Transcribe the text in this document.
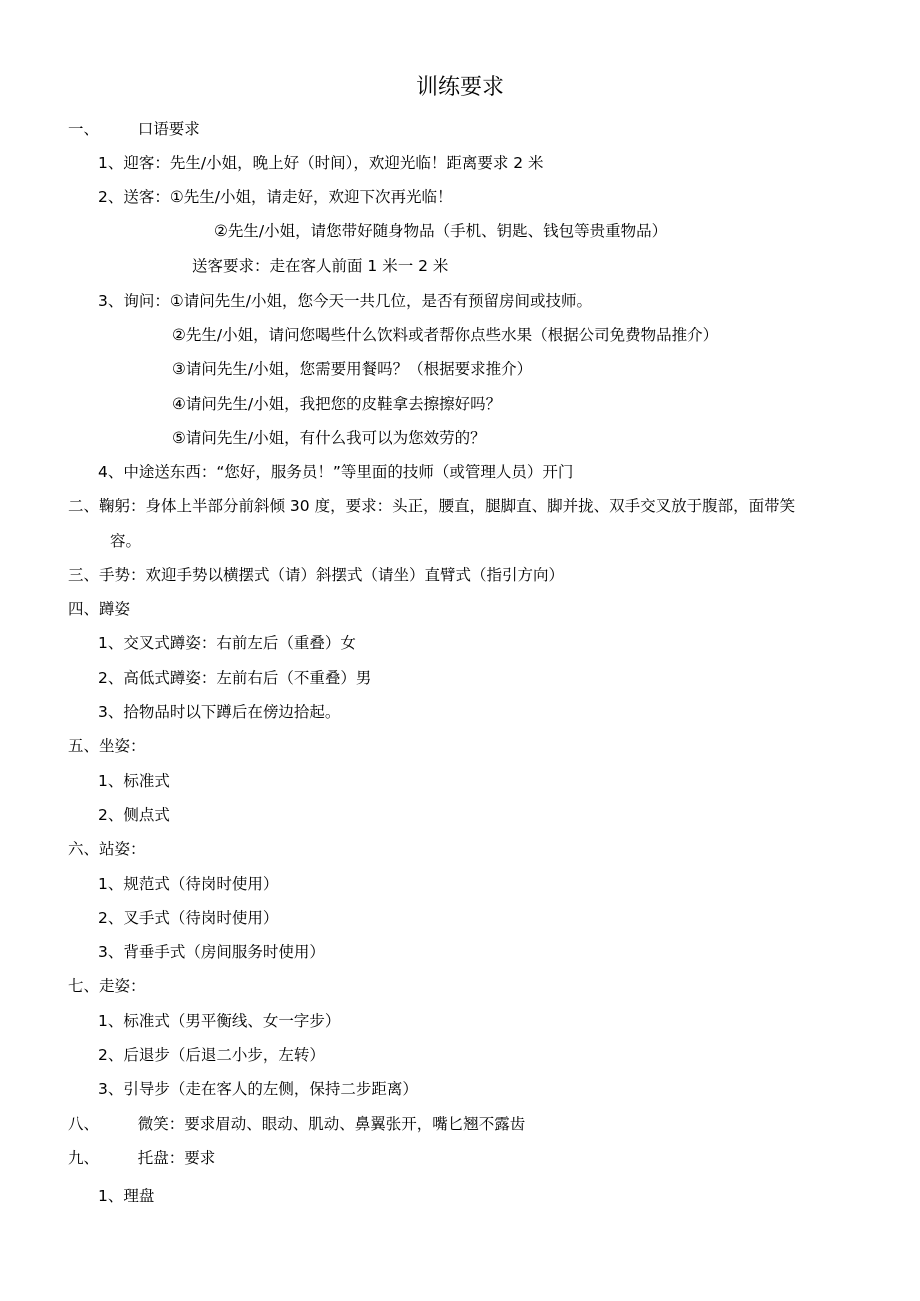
训练要求
一、　　　口语要求
1、迎客：先生/小姐，晚上好（时间），欢迎光临！距离要求 2 米
2、送客：①先生/小姐，请走好，欢迎下次再光临！
②先生/小姐，请您带好随身物品（手机、钥匙、钱包等贵重物品）
送客要求：走在客人前面 1 米一 2 米
3、询问：①请问先生/小姐，您今天一共几位，是否有预留房间或技师。
②先生/小姐，请问您喝些什么饮料或者帮你点些水果（根据公司免费物品推介）
③请问先生/小姐，您需要用餐吗？（根据要求推介）
④请问先生/小姐，我把您的皮鞋拿去擦擦好吗？
⑤请问先生/小姐，有什么我可以为您效劳的？
4、中途送东西：“您好，服务员！”等里面的技师（或管理人员）开门
二、鞠躬：身体上半部分前斜倾 30 度，要求：头正，腰直，腿脚直、脚并拢、双手交叉放于腹部，面带笑
容。
三、手势：欢迎手势以横摆式（请）斜摆式（请坐）直臂式（指引方向）
四、蹲姿
1、交叉式蹲姿：右前左后（重叠）女
2、高低式蹲姿：左前右后（不重叠）男
3、拾物品时以下蹲后在傍边拾起。
五、坐姿：
1、标准式
2、侧点式
六、站姿：
1、规范式（待岗时使用）
2、叉手式（待岗时使用）
3、背垂手式（房间服务时使用）
七、走姿：
1、标准式（男平衡线、女一字步）
2、后退步（后退二小步，左转）
3、引导步（走在客人的左侧，保持二步距离）
八、　　　微笑：要求眉动、眼动、肌动、鼻翼张开，嘴匕翘不露齿
九、　　　托盘：要求
1、理盘
